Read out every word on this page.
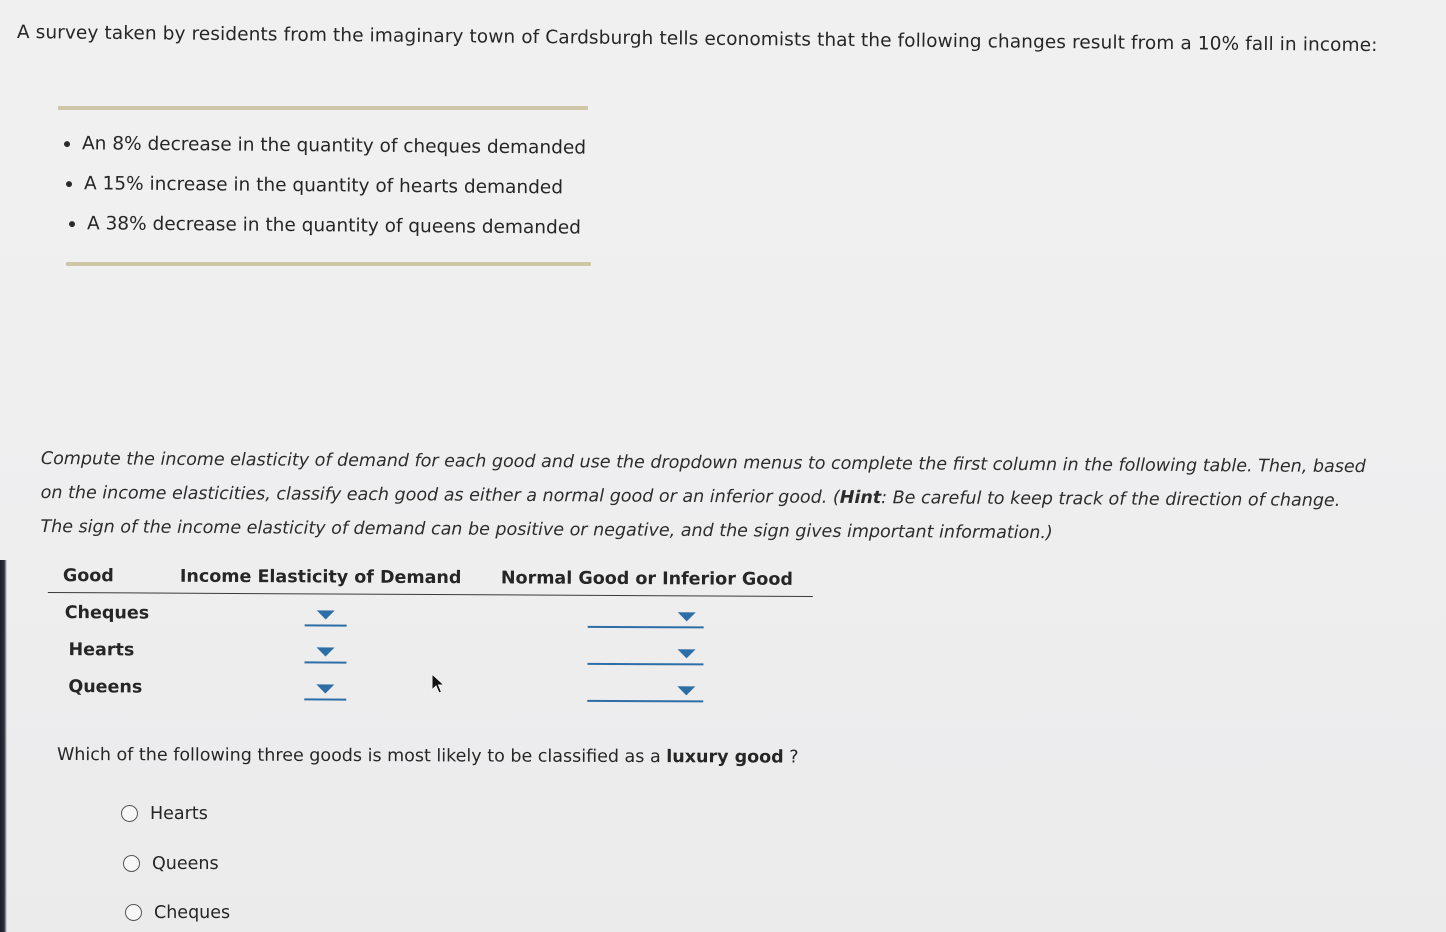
A survey taken by residents from the imaginary town of Cardsburgh tells economists that the following changes result from a 10% fall in income:
An 8% decrease in the quantity of cheques demanded
A 15% increase in the quantity of hearts demanded
A 38% decrease in the quantity of queens demanded
Compute the income elasticity of demand for each good and use the dropdown menus to complete the first column in the following table. Then, based
on the income elasticities, classify each good as either a normal good or an inferior good. (Hint: Be careful to keep track of the direction of change.
The sign of the income elasticity of demand can be positive or negative, and the sign gives important information.)
Good	Income Elasticity of Demand Normal Good or Inferior Good
Cheques
Hearts
Queens
Which of the following three goods is most likely to be classified as a luxury good ?
Hearts
Queens
Cheques
